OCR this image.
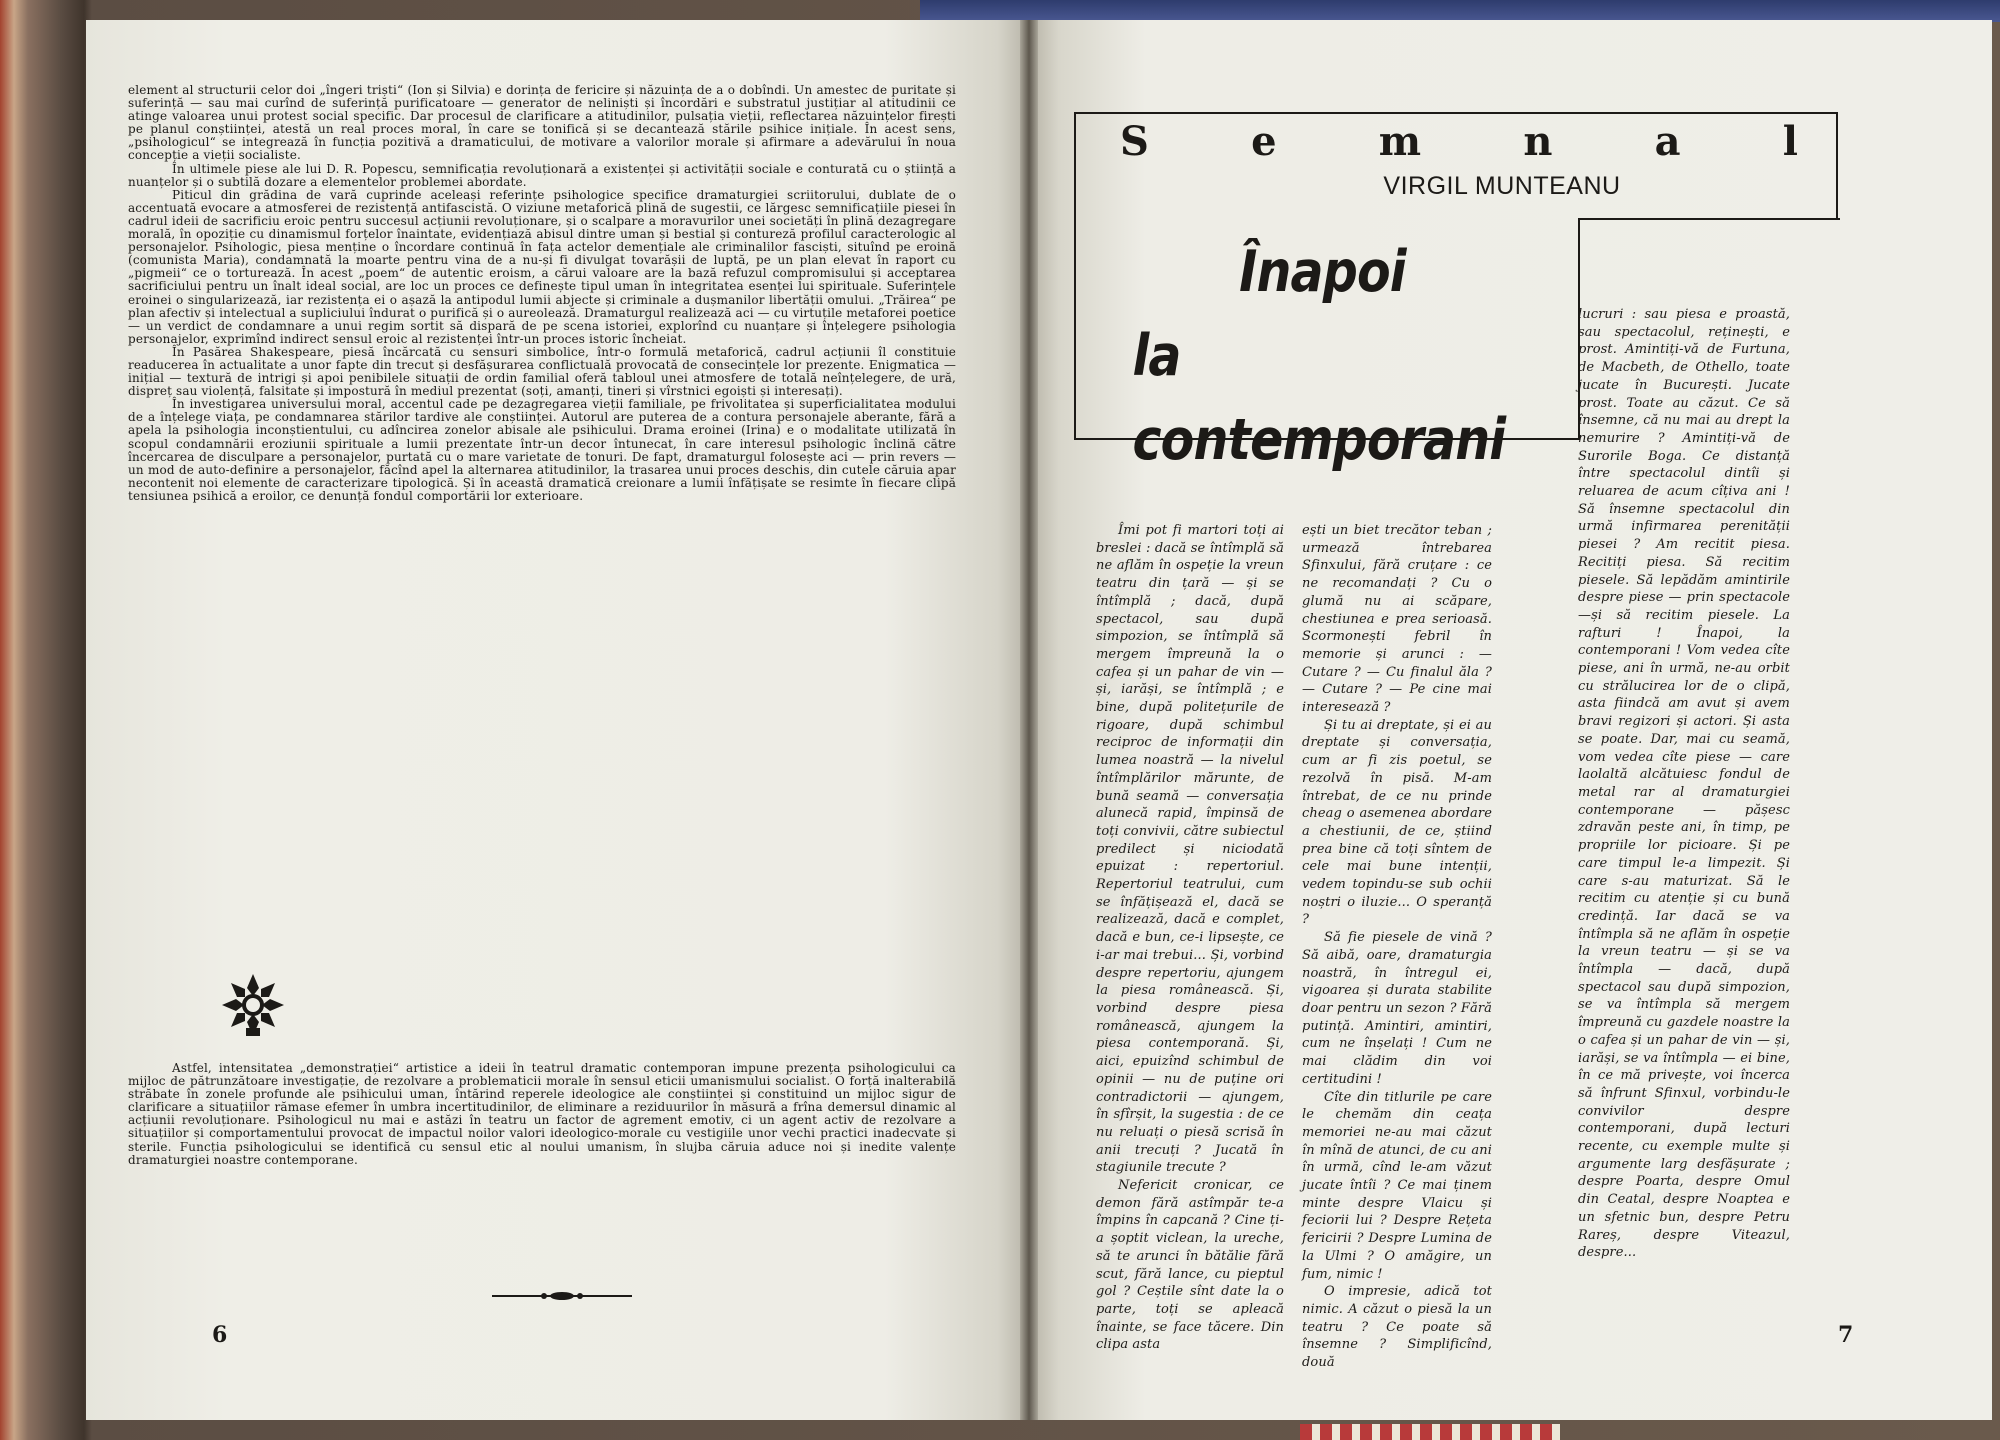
element al structurii celor doi „îngeri triști“ (Ion și Silvia) e dorința de fericire și năzuința de a o dobîndi. Un amestec de puritate și suferință — sau mai curînd de suferință purificatoare — generator de neliniști și încordări e substratul justițiar al atitudinii ce atinge valoarea unui protest social specific. Dar procesul de clarificare a atitudinilor, pulsația vieții, reflectarea năzuințelor firești pe planul conștiinței, atestă un real proces moral, în care se tonifică și se decantează stările psihice inițiale. În acest sens, „psihologicul“ se integrează în funcția pozitivă a dramaticului, de motivare a valorilor morale și afirmare a adevărului în noua concepție a vieții socialiste.

În ultimele piese ale lui D. R. Popescu, semnificația revoluționară a existenței și activității sociale e conturată cu o știință a nuanțelor și o subtilă dozare a elementelor problemei abordate.

Piticul din grădina de vară cuprinde aceleași referințe psihologice specifice dramaturgiei scriitorului, dublate de o accentuată evocare a atmosferei de rezistență antifascistă. O viziune metaforică plină de sugestii, ce lărgesc semnificațiile piesei în cadrul ideii de sacrificiu eroic pentru succesul acțiunii revoluționare, și o scalpare a moravurilor unei societăți în plină dezagregare morală, în opoziție cu dinamismul forțelor înaintate, evidențiază abisul dintre uman și bestial și contureză profilul caracterologic al personajelor. Psihologic, piesa menține o încordare continuă în fața actelor demențiale ale criminalilor fasciști, situînd pe eroină (comunista Maria), condamnată la moarte pentru vina de a nu-și fi divulgat tovarășii de luptă, pe un plan elevat în raport cu „pigmeii“ ce o torturează. În acest „poem“ de autentic eroism, a cărui valoare are la bază refuzul compromisului și acceptarea sacrificiului pentru un înalt ideal social, are loc un proces ce definește tipul uman în integritatea esenței lui spirituale. Suferințele eroinei o singularizează, iar rezistența ei o așază la antipodul lumii abjecte și criminale a dușmanilor libertății omului. „Trăirea“ pe plan afectiv și intelectual a supliciului îndurat o purifică și o aureolează. Dramaturgul realizează aci — cu virtuțile metaforei poetice — un verdict de condamnare a unui regim sortit să dispară de pe scena istoriei, explorînd cu nuanțare și înțelegere psihologia personajelor, exprimînd indirect sensul eroic al rezistenței într-un proces istoric încheiat.

În Pasărea Shakespeare, piesă încărcată cu sensuri simbolice, într-o formulă metaforică, cadrul acțiunii îl constituie readucerea în actualitate a unor fapte din trecut și desfășurarea conflictuală provocată de consecințele lor prezente. Enigmatica — inițial — textură de intrigi și apoi penibilele situații de ordin familial oferă tabloul unei atmosfere de totală neînțelegere, de ură, dispreț sau violență, falsitate și impostură în mediul prezentat (soți, amanți, tineri și vîrstnici egoiști și interesați).

În investigarea universului moral, accentul cade pe dezagregarea vieții familiale, pe frivolitatea și superficialitatea modului de a înțelege viața, pe condamnarea stărilor tardive ale conștiinței. Autorul are puterea de a contura personajele aberante, fără a apela la psihologia inconștientului, cu adîncirea zonelor abisale ale psihicului. Drama eroinei (Irina) e o modalitate utilizată în scopul condamnării eroziunii spirituale a lumii prezentate într-un decor întunecat, în care interesul psihologic înclină către încercarea de disculpare a personajelor, purtată cu o mare varietate de tonuri. De fapt, dramaturgul folosește aci — prin revers — un mod de auto-definire a personajelor, făcînd apel la alternarea atitudinilor, la trasarea unui proces deschis, din cutele căruia apar necontenit noi elemente de caracterizare tipologică. Și în această dramatică creionare a lumii înfățișate se resimte în fiecare clipă tensiunea psihică a eroilor, ce denunță fondul comportării lor exterioare.

Astfel, intensitatea „demonstrației“ artistice a ideii în teatrul dramatic contemporan impune prezența psihologicului ca mijloc de pătrunzătoare investigație, de rezolvare a problematicii morale în sensul eticii umanismului socialist. O forță inalterabilă străbate în zonele profunde ale psihicului uman, întărind reperele ideologice ale conștiinței și constituind un mijloc sigur de clarificare a situațiilor rămase efemer în umbra incertitudinilor, de eliminare a reziduurilor în măsură a frîna demersul dinamic al acțiunii revoluționare. Psihologicul nu mai e astăzi în teatru un factor de agrement emotiv, ci un agent activ de rezolvare a situațiilor și comportamentului provocat de impactul noilor valori ideologico-morale cu vestigiile unor vechi practici inadecvate și sterile. Funcția psihologicului se identifică cu sensul etic al noului umanism, în slujba căruia aduce noi și inedite valențe dramaturgiei noastre contemporane.

6
S	e	m	n	a	l
VIRGIL MUNTEANU
Înapoi
la contemporani

Îmi pot fi martori toți ai breslei : dacă se întîmplă să ne aflăm în ospeție la vreun teatru din țară — și se întîmplă ; dacă, după spectacol, sau după simpozion, se întîmplă să mergem împreună la o cafea și un pahar de vin — și, iarăși, se întîmplă ; e bine, după politețurile de rigoare, după schimbul reciproc de informații din lumea noastră — la nivelul întîmplărilor mărunte, de bună seamă — conversația alunecă rapid, împinsă de toți convivii, către subiectul predilect și niciodată epuizat : repertoriul. Repertoriul teatrului, cum se înfățișează el, dacă se realizează, dacă e complet, dacă e bun, ce-i lipsește, ce i-ar mai trebui... Și, vorbind despre repertoriu, ajungem la piesa românească. Și, vorbind despre piesa românească, ajungem la piesa contemporană. Și, aici, epuizînd schimbul de opinii — nu de puține ori contradictorii — ajungem, în sfîrșit, la sugestia : de ce nu reluați o piesă scrisă în anii trecuți ? Jucată în stagiunile trecute ?

Nefericit cronicar, ce demon fără astîmpăr te-a împins în capcană ? Cine ți-a șoptit viclean, la ureche, să te arunci în bătălie fără scut, fără lance, cu pieptul gol ? Ceștile sînt date la o parte, toți se apleacă înainte, se face tăcere. Din clipa asta

ești un biet trecător teban ; urmează întrebarea Sfinxului, fără cruțare : ce ne recomandați ? Cu o glumă nu ai scăpare, chestiunea e prea serioasă. Scormonești febril în memorie și arunci : — Cutare ? — Cu finalul ăla ? — Cutare ? — Pe cine mai interesează ?

Și tu ai dreptate, și ei au dreptate și conversația, cum ar fi zis poetul, se rezolvă în pisă. M-am întrebat, de ce nu prinde cheag o asemenea abordare a chestiunii, de ce, știind prea bine că toți sîntem de cele mai bune intenții, vedem topindu-se sub ochii noștri o iluzie... O speranță ?

Să fie piesele de vină ? Să aibă, oare, dramaturgia noastră, în întregul ei, vigoarea și durata stabilite doar pentru un sezon ? Fără putință. Amintiri, amintiri, cum ne înșelați ! Cum ne mai clădim din voi certitudini !

Cîte din titlurile pe care le chemăm din ceața memoriei ne-au mai căzut în mînă de atunci, de cu ani în urmă, cînd le-am văzut jucate întîi ? Ce mai ținem minte despre Vlaicu și feciorii lui ? Despre Rețeta fericirii ? Despre Lumina de la Ulmi ? O amăgire, un fum, nimic !

O impresie, adică tot nimic. A căzut o piesă la un teatru ? Ce poate să însemne ? Simplificînd, două

lucruri : sau piesa e proastă, sau spectacolul, reținești, e prost. Amintiți-vă de Furtuna, de Macbeth, de Othello, toate jucate în București. Jucate prost. Toate au căzut. Ce să însemne, că nu mai au drept la nemurire ? Amintiți-vă de Surorile Boga. Ce distanță între spectacolul dintîi și reluarea de acum cîțiva ani ! Să însemne spectacolul din urmă infirmarea perenității piesei ? Am recitit piesa. Recitiți piesa. Să recitim piesele. Să lepădăm amintirile despre piese — prin spectacole —și să recitim piesele. La rafturi ! Înapoi, la contemporani ! Vom vedea cîte piese, ani în urmă, ne-au orbit cu strălucirea lor de o clipă, asta fiindcă am avut și avem bravi regizori și actori. Și asta se poate. Dar, mai cu seamă, vom vedea cîte piese — care laolaltă alcătuiesc fondul de metal rar al dramaturgiei contemporane — pășesc zdravăn peste ani, în timp, pe propriile lor picioare. Și pe care timpul le-a limpezit. Și care s-au maturizat. Să le recitim cu atenție și cu bună credință. Iar dacă se va întîmpla să ne aflăm în ospeție la vreun teatru — și se va întîmpla — dacă, după spectacol sau după simpozion, se va întîmpla să mergem împreună cu gazdele noastre la o cafea și un pahar de vin — și, iarăși, se va întîmpla — ei bine, în ce mă privește, voi încerca să înfrunt Sfinxul, vorbindu-le convivilor despre contemporani, după lecturi recente, cu exemple multe și argumente larg desfășurate ; despre Poarta, despre Omul din Ceatal, despre Noaptea e un sfetnic bun, despre Petru Rareș, despre Viteazul, despre...

7
